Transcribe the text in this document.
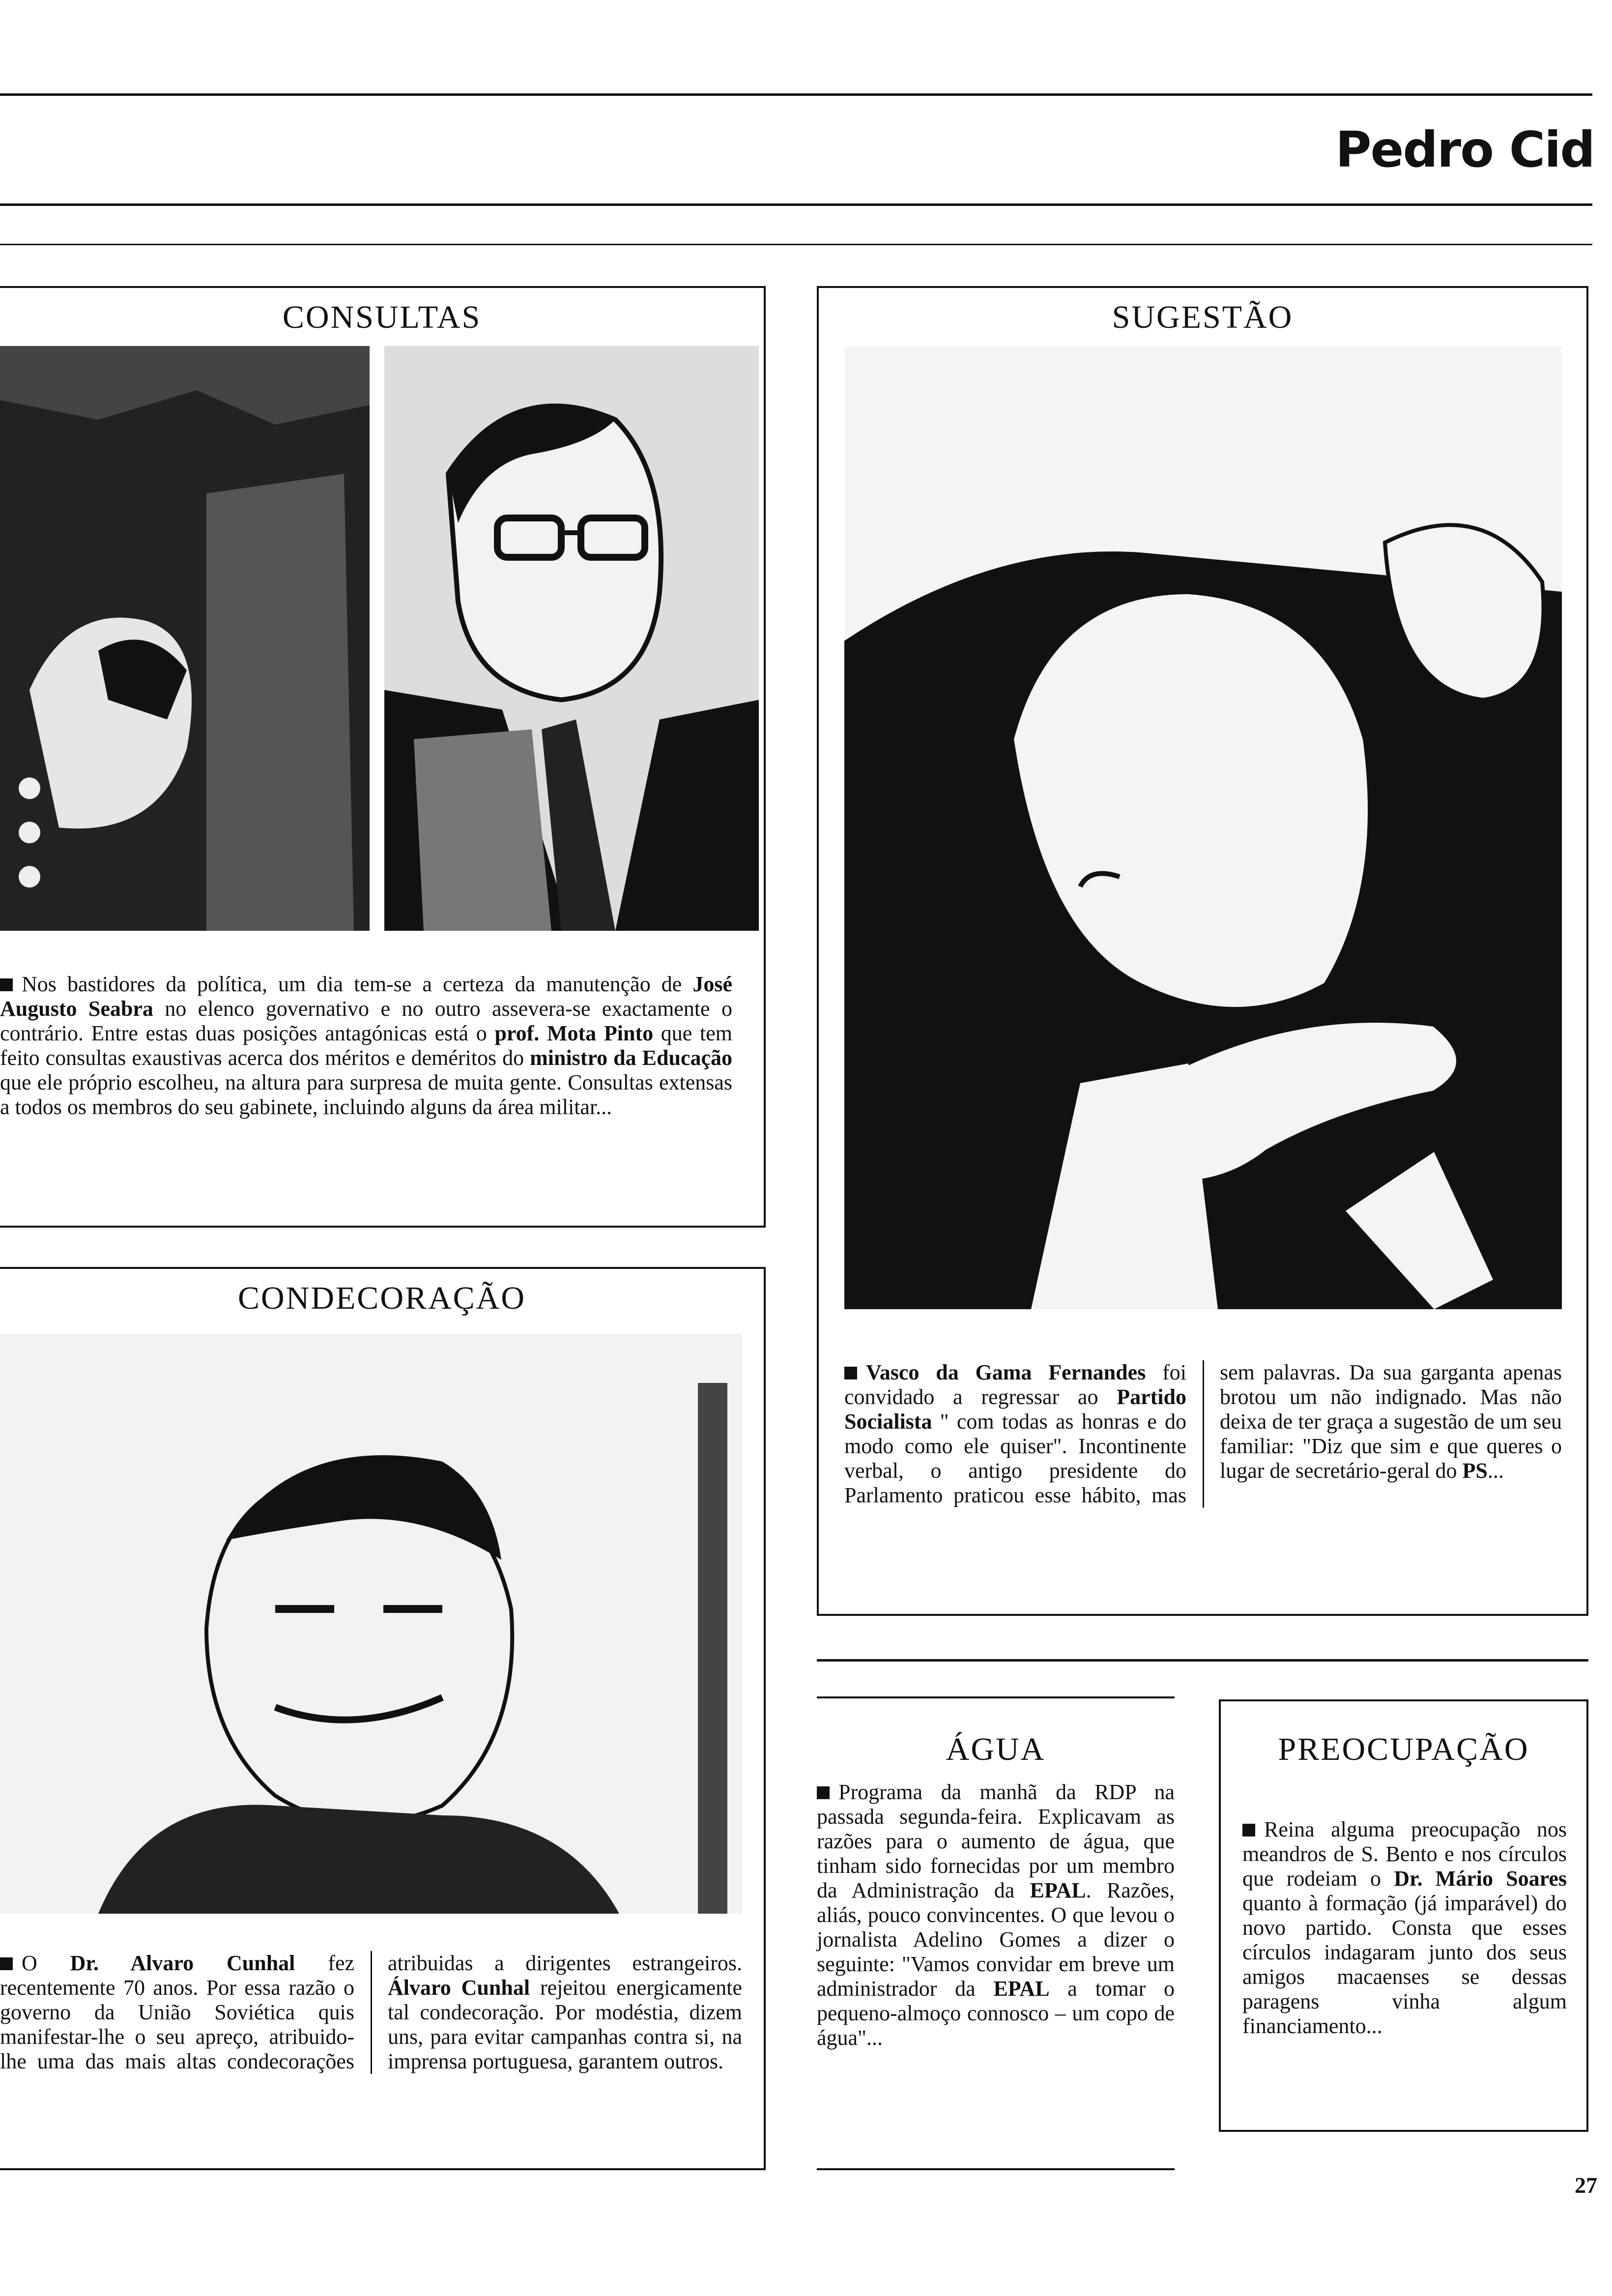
Pedro Cid
CONSULTAS
Nos bastidores da política, um dia tem-se a certeza da manutenção de José Augusto Seabra no elenco governativo e no outro assevera-se exactamente o contrário. Entre estas duas posições antagónicas está o prof. Mota Pinto que tem feito consultas exaustivas acerca dos méritos e deméritos do ministro da Educação que ele próprio escolheu, na altura para surpresa de muita gente. Consultas extensas a todos os membros do seu gabinete, incluindo alguns da área militar...
SUGESTÃO
Vasco da Gama Fernandes foi convidado a regressar ao Partido Socialista " com todas as honras e do modo como ele quiser". Incontinente verbal, o antigo presidente do Parlamento praticou esse hábito, mas sem palavras. Da sua garganta apenas brotou um não indignado. Mas não deixa de ter graça a sugestão de um seu familiar: "Diz que sim e que queres o lugar de secretário-geral do PS...
CONDECORAÇÃO
O Dr. Alvaro Cunhal fez recentemente 70 anos. Por essa razão o governo da União Soviética quis manifestar-lhe o seu apreço, atribuido-lhe uma das mais altas condecorações atribuidas a dirigentes estrangeiros. Álvaro Cunhal rejeitou energicamente tal condecoração. Por modéstia, dizem uns, para evitar campanhas contra si, na imprensa portuguesa, garantem outros.
ÁGUA
Programa da manhã da RDP na passada segunda-feira. Explicavam as razões para o aumento de água, que tinham sido fornecidas por um membro da Administração da EPAL. Razões, aliás, pouco convincentes. O que levou o jornalista Adelino Gomes a dizer o seguinte: "Vamos convidar em breve um administrador da EPAL a tomar o pequeno-almoço connosco – um copo de água"...
PREOCUPAÇÃO
Reina alguma preocupação nos meandros de S. Bento e nos círculos que rodeiam o Dr. Mário Soares quanto à formação (já imparável) do novo partido. Consta que esses círculos indagaram junto dos seus amigos macaenses se dessas paragens vinha algum financiamento...
27
